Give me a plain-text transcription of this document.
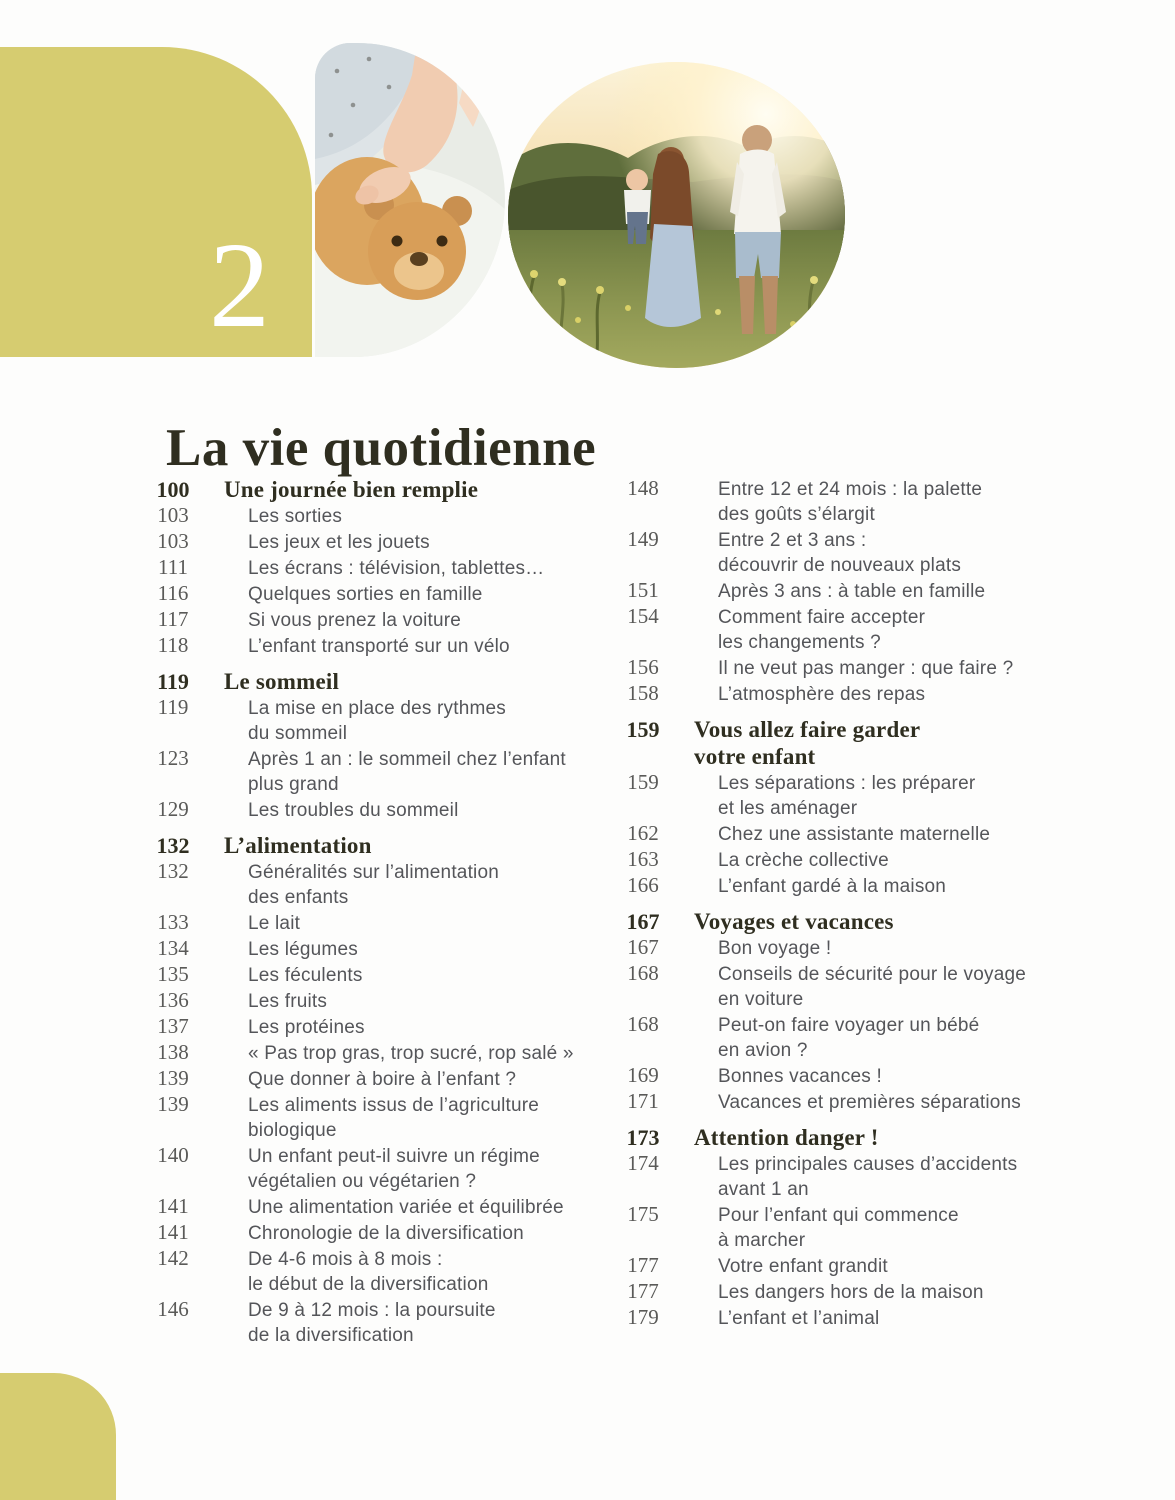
2
La vie quotidienne
100	Une journée bien remplie
103	Les sorties
103	Les jeux et les jouets
111	Les écrans : télévision, tablettes…
116	Quelques sorties en famille
117	Si vous prenez la voiture
118	L’enfant transporté sur un vélo
119	Le sommeil
119	La mise en place des rythmes
du sommeil
123	Après 1 an : le sommeil chez l’enfant
plus grand
129	Les troubles du sommeil
132	L’alimentation
132	Généralités sur l’alimentation
des enfants
133	Le lait
134	Les légumes
135	Les féculents
136	Les fruits
137	Les protéines
138	« Pas trop gras, trop sucré, rop salé »
139	Que donner à boire à l’enfant ?
139	Les aliments issus de l’agriculture
biologique
140	Un enfant peut-il suivre un régime
végétalien ou végétarien ?
141	Une alimentation variée et équilibrée
141	Chronologie de la diversification
142	De 4-6 mois à 8 mois :
le début de la diversification
146	De 9 à 12 mois : la poursuite
de la diversification
148	Entre 12 et 24 mois : la palette
des goûts s’élargit
149	Entre 2 et 3 ans :
découvrir de nouveaux plats
151	Après 3 ans : à table en famille
154	Comment faire accepter
les changements ?
156	Il ne veut pas manger : que faire ?
158	L’atmosphère des repas
159	Vous allez faire garder
votre enfant
159	Les séparations : les préparer
et les aménager
162	Chez une assistante maternelle
163	La crèche collective
166	L’enfant gardé à la maison
167	Voyages et vacances
167	Bon voyage !
168	Conseils de sécurité pour le voyage
en voiture
168	Peut-on faire voyager un bébé
en avion ?
169	Bonnes vacances !
171	Vacances et premières séparations
173	Attention danger !
174	Les principales causes d’accidents
avant 1 an
175	Pour l’enfant qui commence
à marcher
177	Votre enfant grandit
177	Les dangers hors de la maison
179	L’enfant et l’animal
